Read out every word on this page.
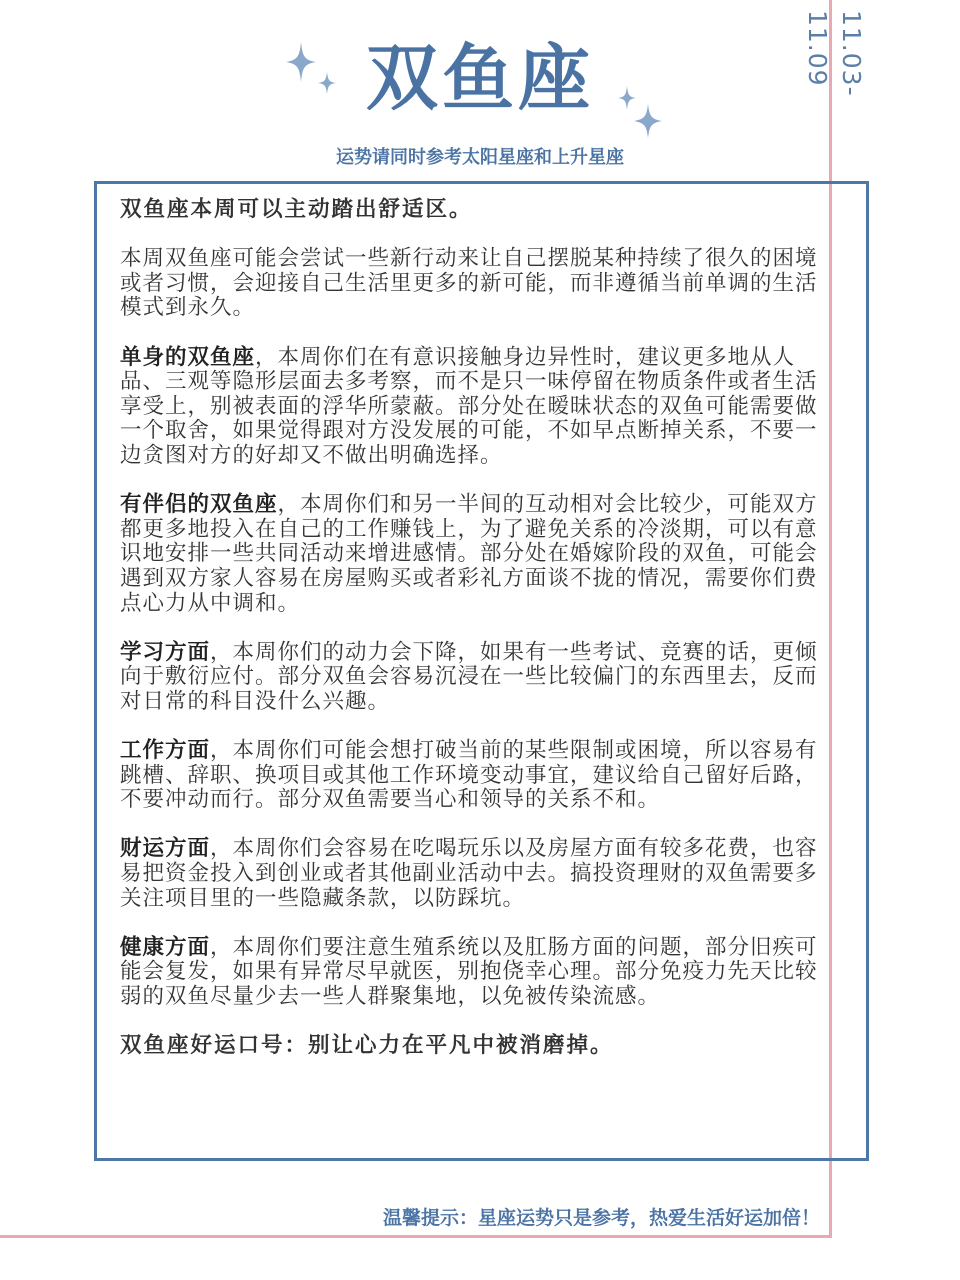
11.03-11.09
双鱼座
运势请同时参考太阳星座和上升星座

双鱼座本周可以主动踏出舒适区。

本周双鱼座可能会尝试一些新行动来让自己摆脱某种持续了很久的困境或者习惯，会迎接自己生活里更多的新可能，而非遵循当前单调的生活模式到永久。

单身的双鱼座，本周你们在有意识接触身边异性时，建议更多地从人品、三观等隐形层面去多考察，而不是只一味停留在物质条件或者生活享受上，别被表面的浮华所蒙蔽。部分处在暧昧状态的双鱼可能需要做一个取舍，如果觉得跟对方没发展的可能，不如早点断掉关系，不要一边贪图对方的好却又不做出明确选择。

有伴侣的双鱼座，本周你们和另一半间的互动相对会比较少，可能双方都更多地投入在自己的工作赚钱上，为了避免关系的冷淡期，可以有意识地安排一些共同活动来增进感情。部分处在婚嫁阶段的双鱼，可能会遇到双方家人容易在房屋购买或者彩礼方面谈不拢的情况，需要你们费点心力从中调和。

学习方面，本周你们的动力会下降，如果有一些考试、竞赛的话，更倾向于敷衍应付。部分双鱼会容易沉浸在一些比较偏门的东西里去，反而对日常的科目没什么兴趣。

工作方面，本周你们可能会想打破当前的某些限制或困境，所以容易有跳槽、辞职、换项目或其他工作环境变动事宜，建议给自己留好后路，不要冲动而行。部分双鱼需要当心和领导的关系不和。

财运方面，本周你们会容易在吃喝玩乐以及房屋方面有较多花费，也容易把资金投入到创业或者其他副业活动中去。搞投资理财的双鱼需要多关注项目里的一些隐藏条款，以防踩坑。

健康方面，本周你们要注意生殖系统以及肛肠方面的问题，部分旧疾可能会复发，如果有异常尽早就医，别抱侥幸心理。部分免疫力先天比较弱的双鱼尽量少去一些人群聚集地，以免被传染流感。

双鱼座好运口号：别让心力在平凡中被消磨掉。

温馨提示：星座运势只是参考，热爱生活好运加倍！
